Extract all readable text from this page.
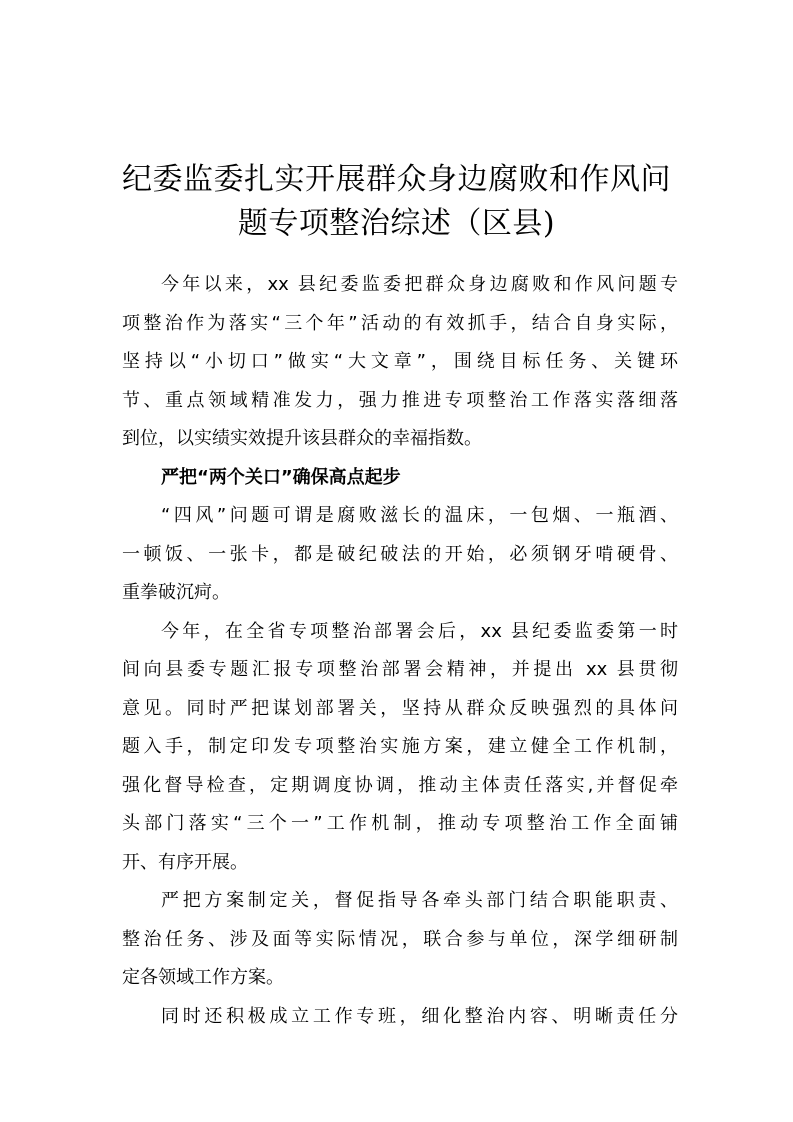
纪委监委扎实开展群众身边腐败和作风问
题专项整治综述（区县)
今年以来，xx 县纪委监委把群众身边腐败和作风问题专
项整治作为落实“三个年”活动的有效抓手，结合自身实际，
坚持以“小切口”做实“大文章”，围绕目标任务、关键环
节、重点领域精准发力，强力推进专项整治工作落实落细落
到位，以实绩实效提升该县群众的幸福指数。
严把“两个关口”确保高点起步
“四风”问题可谓是腐败滋长的温床，一包烟、一瓶酒、
一顿饭、一张卡，都是破纪破法的开始，必须钢牙啃硬骨、
重拳破沉疴。
今年，在全省专项整治部署会后，xx 县纪委监委第一时
间向县委专题汇报专项整治部署会精神，并提出 xx 县贯彻
意见。同时严把谋划部署关，坚持从群众反映强烈的具体问
题入手，制定印发专项整治实施方案，建立健全工作机制，
强化督导检查，定期调度协调，推动主体责任落实,并督促牵
头部门落实“三个一”工作机制，推动专项整治工作全面铺
开、有序开展。
严把方案制定关，督促指导各牵头部门结合职能职责、
整治任务、涉及面等实际情况，联合参与单位，深学细研制
定各领域工作方案。
同时还积极成立工作专班，细化整治内容、明晰责任分
